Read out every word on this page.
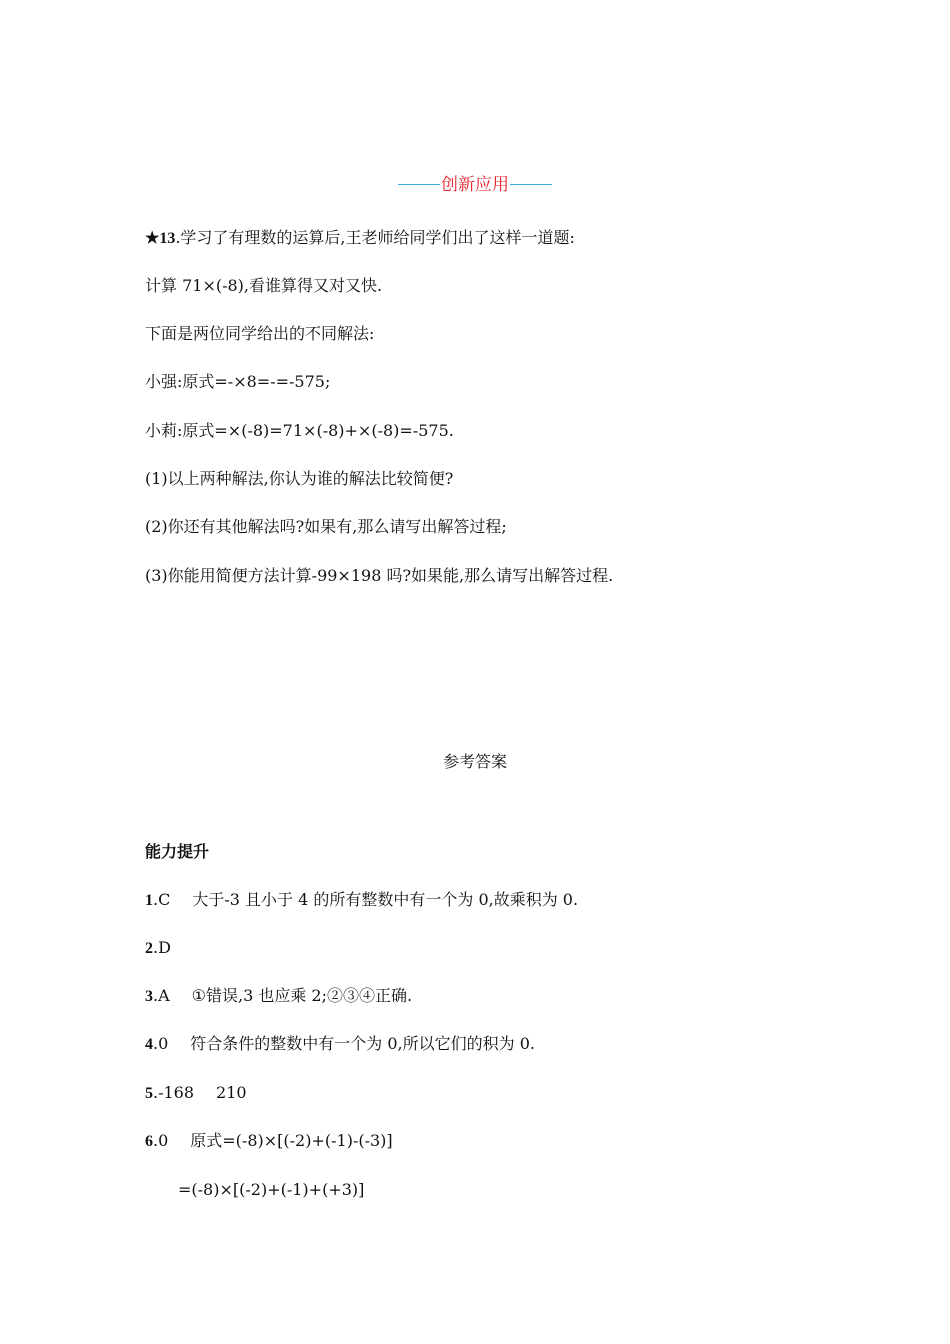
创新应用
★13.学习了有理数的运算后,王老师给同学们出了这样一道题:
计算 71×(-8),看谁算得又对又快.
下面是两位同学给出的不同解法:
小强:原式=-×8=-=-575;
小莉:原式=×(-8)=71×(-8)+×(-8)=-575.
(1)以上两种解法,你认为谁的解法比较简便?
(2)你还有其他解法吗?如果有,那么请写出解答过程;
(3)你能用简便方法计算-99×198 吗?如果能,那么请写出解答过程.
参考答案
能力提升
1.C 大于-3 且小于 4 的所有整数中有一个为 0,故乘积为 0.
2.D
3.A ①错误,3 也应乘 2;②③④正确.
4.0 符合条件的整数中有一个为 0,所以它们的积为 0.
5.-168 210
6.0 原式=(-8)×[(-2)+(-1)-(-3)]
=(-8)×[(-2)+(-1)+(+3)]
